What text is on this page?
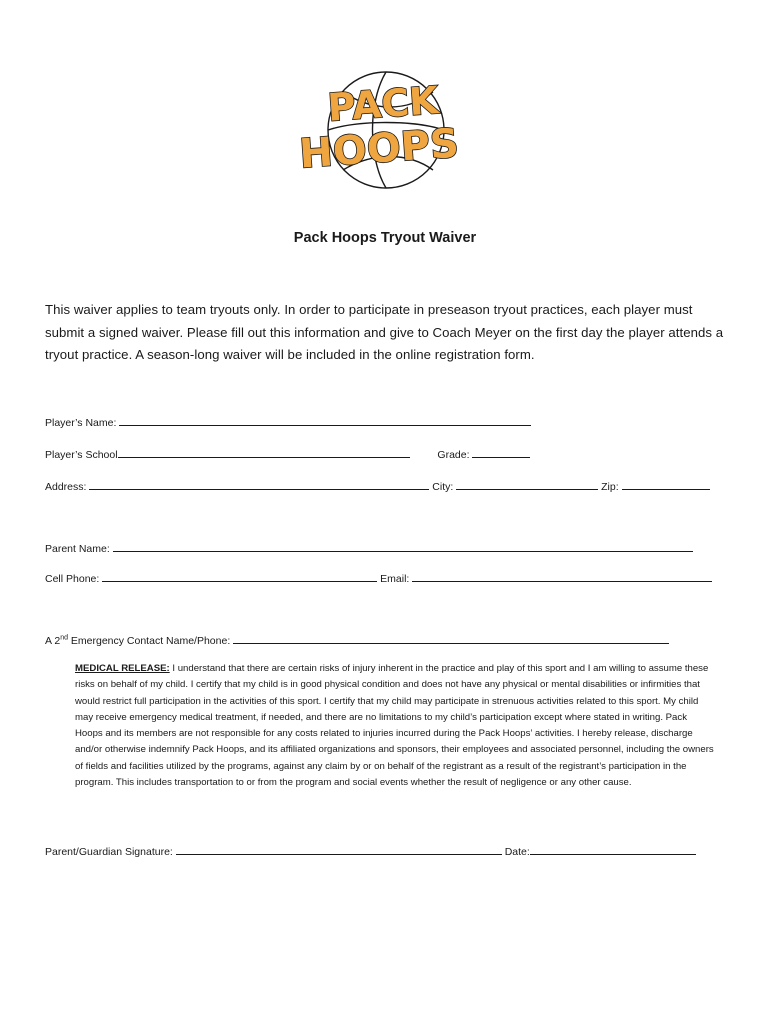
PACK
HOOPS
Pack Hoops Tryout Waiver
This waiver applies to team tryouts only. In order to participate in preseason tryout practices, each player must submit a signed waiver. Please fill out this information and give to Coach Meyer on the first day the player attends a tryout practice. A season-long waiver will be included in the online registration form.
Player’s Name:
Player’s School	Grade:
Address:	City:	Zip:
Parent Name:
Cell Phone:	Email:
A 2nd Emergency Contact Name/Phone:
MEDICAL RELEASE: I understand that there are certain risks of injury inherent in the practice and play of this sport and I am willing to assume these risks on behalf of my child. I certify that my child is in good physical condition and does not have any physical or mental disabilities or infirmities that would restrict full participation in the activities of this sport. I certify that my child may participate in strenuous activities related to this sport. My child may receive emergency medical treatment, if needed, and there are no limitations to my child’s participation except where stated in writing. Pack Hoops and its members are not responsible for any costs related to injuries incurred during the Pack Hoops’ activities. I hereby release, discharge and/or otherwise indemnify Pack Hoops, and its affiliated organizations and sponsors, their employees and associated personnel, including the owners of fields and facilities utilized by the programs, against any claim by or on behalf of the registrant as a result of the registrant’s participation in the program. This includes transportation to or from the program and social events whether the result of negligence or any other cause.
Parent/Guardian Signature:	Date:
